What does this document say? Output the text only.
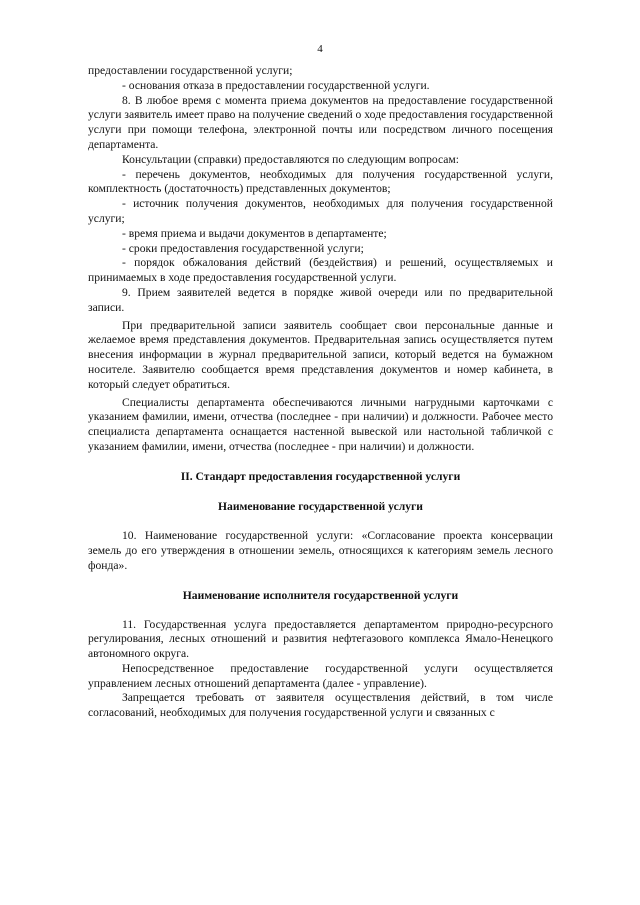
4

предоставлении государственной услуги;

- основания отказа в предоставлении государственной услуги.

8. В любое время с момента приема документов на предоставление государственной услуги заявитель имеет право на получение сведений о ходе предоставления государственной услуги при помощи телефона, электронной почты или посредством личного посещения департамента.

Консультации (справки) предоставляются по следующим вопросам:

- перечень документов, необходимых для получения государственной услуги, комплектность (достаточность) представленных документов;

- источник получения документов, необходимых для получения государственной услуги;

- время приема и выдачи документов в департаменте;

- сроки предоставления государственной услуги;

- порядок обжалования действий (бездействия) и решений, осуществляемых и принимаемых в ходе предоставления государственной услуги.

9. Прием заявителей ведется в порядке живой очереди или по предварительной записи.

При предварительной записи заявитель сообщает свои персональные данные и желаемое время представления документов. Предварительная запись осуществляется путем внесения информации в журнал предварительной записи, который ведется на бумажном носителе. Заявителю сообщается время представления документов и номер кабинета, в который следует обратиться.

Специалисты департамента обеспечиваются личными нагрудными карточками с указанием фамилии, имени, отчества (последнее - при наличии) и должности. Рабочее место специалиста департамента оснащается настенной вывеской или настольной табличкой с указанием фамилии, имени, отчества (последнее - при наличии) и должности.

II. Стандарт предоставления государственной услуги
Наименование государственной услуги

10. Наименование государственной услуги: «Согласование проекта консервации земель до его утверждения в отношении земель, относящихся к категориям земель лесного фонда».

Наименование исполнителя государственной услуги

11. Государственная услуга предоставляется департаментом природно-ресурсного регулирования, лесных отношений и развития нефтегазового комплекса Ямало-Ненецкого автономного округа.

Непосредственное предоставление государственной услуги осуществляется управлением лесных отношений департамента (далее - управление).

Запрещается требовать от заявителя осуществления действий, в том числе согласований, необходимых для получения государственной услуги и связанных с
